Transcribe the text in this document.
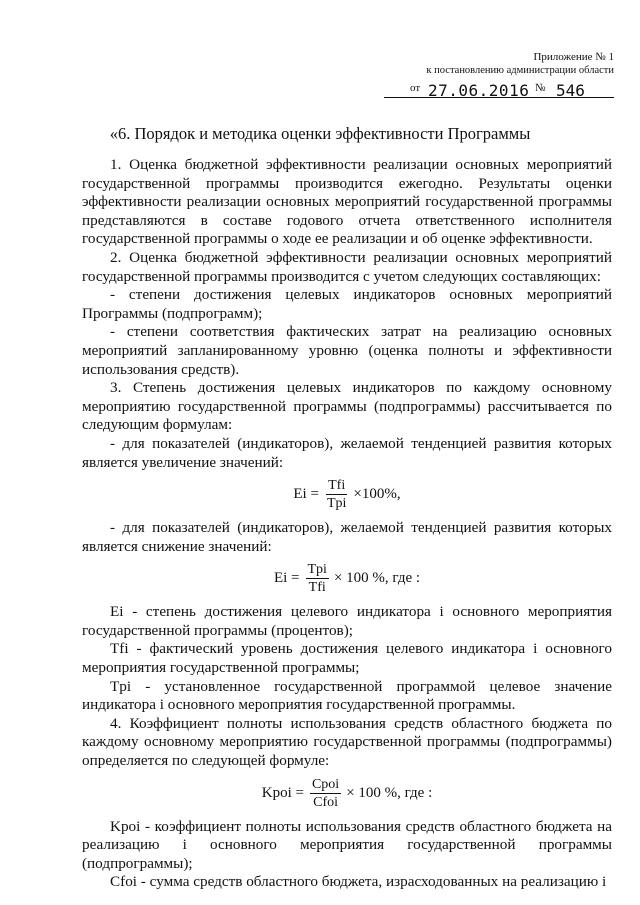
Приложение № 1
к постановлению администрации области
от 27.06.2016 № 546
«6. Порядок и методика оценки эффективности Программы

1. Оценка бюджетной эффективности реализации основных мероприятий государственной программы производится ежегодно. Результаты оценки эффективности реализации основных мероприятий государственной программы представляются в составе годового отчета ответственного исполнителя государственной программы о ходе ее реализации и об оценке эффективности.

2. Оценка бюджетной эффективности реализации основных мероприятий государственной программы производится с учетом следующих составляющих:

- степени достижения целевых индикаторов основных мероприятий Программы (подпрограмм);

- степени соответствия фактических затрат на реализацию основных мероприятий запланированному уровню (оценка полноты и эффективности использования средств).

3. Степень достижения целевых индикаторов по каждому основному мероприятию государственной программы (подпрограммы) рассчитывается по следующим формулам:

- для показателей (индикаторов), желаемой тенденцией развития которых является увеличение значений:

$Ei = \frac{\text{Tfi}}{\text{Tpi}} \times 100\%$,

- для показателей (индикаторов), желаемой тенденцией развития которых является снижение значений:

$Ei = \frac{\text{Tpi}}{\text{Tfi}} \times 100$ %, где :

Ei - степень достижения целевого индикатора i основного мероприятия государственной программы (процентов);

Tfi - фактический уровень достижения целевого индикатора i основного мероприятия государственной программы;

Tpi - установленное государственной программой целевое значение индикатора i основного мероприятия государственной программы.

4. Коэффициент полноты использования средств областного бюджета по каждому основному мероприятию государственной программы (подпрограммы) определяется по следующей формуле:

Kpoi = $\frac{\text{Cpoi}}{\text{Cfoi}} \times 100$ %, где :

Kpoi - коэффициент полноты использования средств областного бюджета на реализацию i основного мероприятия государственной программы (подпрограммы);

Cfoi - сумма средств областного бюджета, израсходованных на реализацию i
